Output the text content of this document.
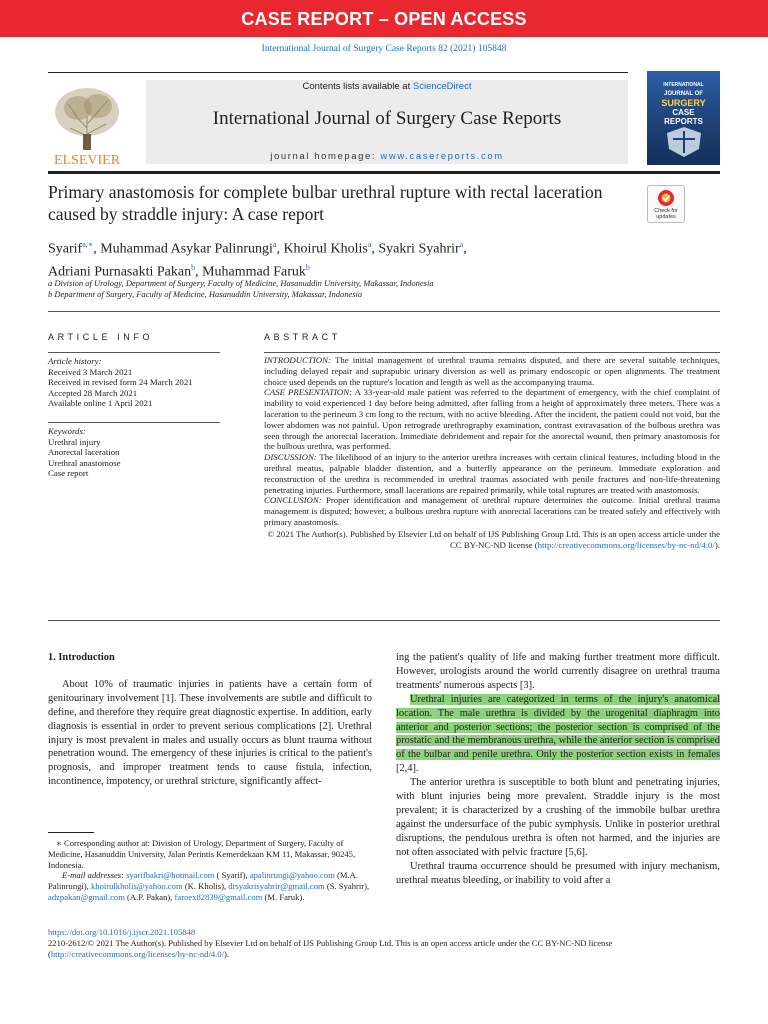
CASE REPORT – OPEN ACCESS
International Journal of Surgery Case Reports 82 (2021) 105848
ELSEVIER
Contents lists available at ScienceDirect
International Journal of Surgery Case Reports
journal homepage: www.casereports.com
INTERNATIONAL
JOURNAL OF
SURGERY
CASE
REPORTS
Primary anastomosis for complete bulbar urethral rupture with rectal laceration caused by straddle injury: A case report	Check for updates
Syarif$^{a,∗}$, Muhammad Asykar Palinrungi$^a$, Khoirul Kholis$^a$, Syakri Syahrir$^a$,
Adriani Purnasakti Pakan$^b$, Muhammad Faruk$^b$
a Division of Urology, Department of Surgery, Faculty of Medicine, Hasanuddin University, Makassar, Indonesia
b Department of Surgery, Faculty of Medicine, Hasanuddin University, Makassar, Indonesia
ARTICLE INFO
Article history:
Received 3 March 2021
Received in revised form 24 March 2021
Accepted 28 March 2021
Available online 1 April 2021
Keywords:
Urethral injury
Anorectal laceration
Urethral anastomose
Case report
ABSTRACT

INTRODUCTION: The initial management of urethral trauma remains disputed, and there are several suitable techniques, including delayed repair and suprapubic urinary diversion as well as primary endoscopic or open alignments. The treatment choice used depends on the rupture's location and length as well as the accompanying trauma.

CASE PRESENTATION: A 33-year-old male patient was referred to the department of emergency, with the chief complaint of inability to void experienced 1 day before being admitted, after falling from a height of approximately three meters. There was a laceration to the perineum 3 cm long to the rectum, with no active bleeding. After the incident, the patient could not void, but the lower abdomen was not painful. Upon retrograde urethrography examination, contrast extravasation of the bulbous urethra was seen through the anorectal laceration. Immediate debridement and repair for the anorectal wound, then primary anastomosis for the bulbous urethra, was performed.

DISCUSSION: The likelihood of an injury to the anterior urethra increases with certain clinical features, including blood in the urethral meatus, palpable bladder distention, and a butterfly appearance on the perineum. Immediate exploration and reconstruction of the urethra is recommended in urethral traumas associated with penile fractures and non-life-threatening penetrating injuries. Furthermore, small lacerations are repaired primarily, while total ruptures are treated with anastomosis.

CONCLUSION: Proper identification and management of urethral rupture determines the outcome. Initial urethral trauma management is disputed; however, a bulbous urethra rupture with anorectal lacerations can be treated safely and effectively with primary anastomosis.

© 2021 The Author(s). Published by Elsevier Ltd on behalf of IJS Publishing Group Ltd. This is an open access article under the CC BY-NC-ND license (http://creativecommons.org/licenses/by-nc-nd/4.0/).

1. Introduction

About 10% of traumatic injuries in patients have a certain form of genitourinary involvement [1]. These involvements are subtle and difficult to define, and therefore they require great diagnostic expertise. In addition, early diagnosis is essential in order to prevent serious complications [2]. Urethral injury is most prevalent in males and usually occurs as blunt trauma without penetration wound. The emergency of these injuries is critical to the patient's prognosis, and improper treatment tends to cause fistula, infection, incontinence, impotency, or urethral stricture, significantly affect-

ing the patient's quality of life and making further treatment more difficult. However, urologists around the world currently disagree on urethral trauma treatments' numerous aspects [3].

Urethral injuries are categorized in terms of the injury's anatomical location. The male urethra is divided by the urogenital diaphragm into anterior and posterior sections; the posterior section is comprised of the prostatic and the membranous urethra, while the anterior section is comprised of the bulbar and penile urethra. Only the posterior section exists in females [2,4].

The anterior urethra is susceptible to both blunt and penetrating injuries, with blunt injuries being more prevalent. Straddle injury is the most prevalent; it is characterized by a crushing of the immobile bulbar urethra against the undersurface of the pubic symphysis. Unlike in posterior urethral disruptions, the pendulous urethra is often not harmed, and the injuries are not often associated with pelvic fracture [5,6].

Urethral trauma occurrence should be presumed with injury mechanism, urethral meatus bleeding, or inability to void after a

∗ Corresponding author at: Division of Urology, Department of Surgery, Faculty of Medicine, Hasanuddin University, Jalan Perintis Kemerdekaan KM 11, Makassar, 90245, Indonesia.
E-mail addresses: syarifbakri@hotmail.com ( Syarif), apalinrungi@yahoo.com (M.A. Palinrungi), khoirulkholis@yahoo.com (K. Kholis), drsyakrisyahrir@gmail.com (S. Syahrir), adzpakan@gmail.com (A.P. Pakan), faroex82839@gmail.com (M. Faruk).
https://doi.org/10.1016/j.ijscr.2021.105848
2210-2612/© 2021 The Author(s). Published by Elsevier Ltd on behalf of IJS Publishing Group Ltd. This is an open access article under the CC BY-NC-ND license (http://creativecommons.org/licenses/by-nc-nd/4.0/).
